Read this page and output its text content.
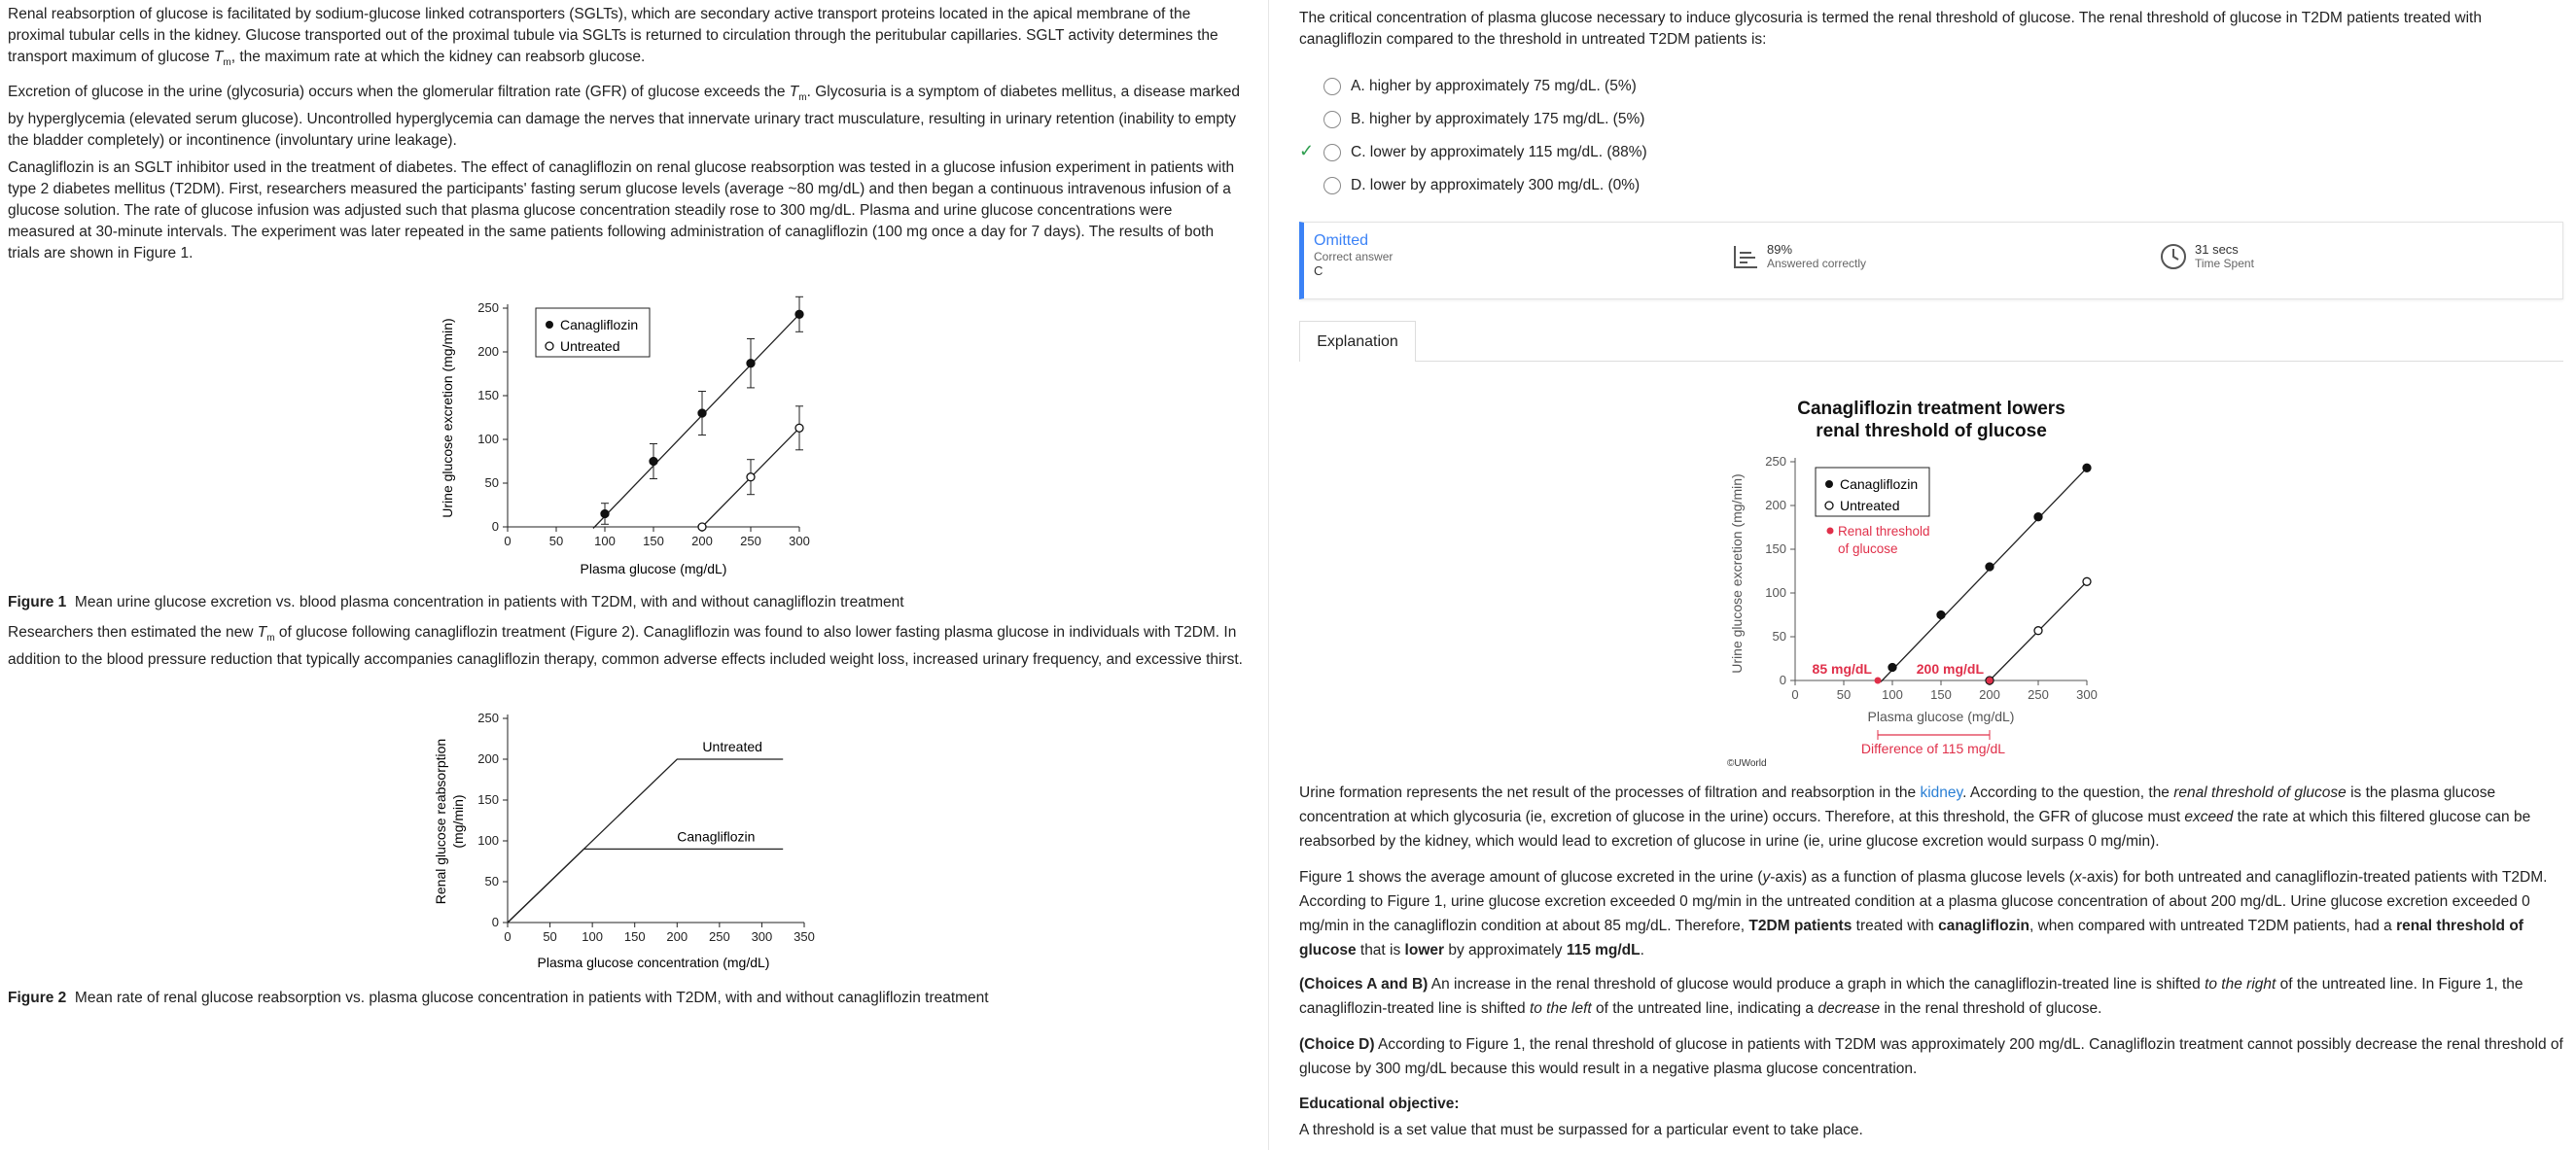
Renal reabsorption of glucose is facilitated by sodium-glucose linked cotransporters (SGLTs), which are secondary active transport proteins located in the apical membrane of the proximal tubular cells in the kidney. Glucose transported out of the proximal tubule via SGLTs is returned to circulation through the peritubular capillaries. SGLT activity determines the transport maximum of glucose $T_m$, the maximum rate at which the kidney can reabsorb glucose.

Excretion of glucose in the urine (glycosuria) occurs when the glomerular filtration rate (GFR) of glucose exceeds the $T_m$. Glycosuria is a symptom of diabetes mellitus, a disease marked by hyperglycemia (elevated serum glucose). Uncontrolled hyperglycemia can damage the nerves that innervate urinary tract musculature, resulting in urinary retention (inability to empty the bladder completely) or incontinence (involuntary urine leakage).

Canagliflozin is an SGLT inhibitor used in the treatment of diabetes. The effect of canagliflozin on renal glucose reabsorption was tested in a glucose infusion experiment in patients with type 2 diabetes mellitus (T2DM). First, researchers measured the participants' fasting serum glucose levels (average ~80 mg/dL) and then began a continuous intravenous infusion of a glucose solution. The rate of glucose infusion was adjusted such that plasma glucose concentration steadily rose to 300 mg/dL. Plasma and urine glucose concentrations were measured at 30-minute intervals. The experiment was later repeated in the same patients following administration of canagliflozin (100 mg once a day for 7 days). The results of both trials are shown in Figure 1.

0	50 100 150 200 250 300
0
50
100
150
200
250
Plasma glucose (mg/dL)
Urine glucose excretion (mg/min)	Canagliflozin
Untreated
Figure 1 Mean urine glucose excretion vs. blood plasma concentration in patients with T2DM, with and without canagliflozin treatment

Researchers then estimated the new $T_m$ of glucose following canagliflozin treatment (Figure 2). Canagliflozin was found to also lower fasting plasma glucose in individuals with T2DM. In addition to the blood pressure reduction that typically accompanies canagliflozin therapy, common adverse effects included weight loss, increased urinary frequency, and excessive thirst.

0	50 100 150 200 250 300 350
0
50
100
150
200
250
Plasma glucose concentration (mg/dL)
Renal glucose reabsorption (mg/min)
Untreated
Canagliflozin
Figure 2 Mean rate of renal glucose reabsorption vs. plasma glucose concentration in patients with T2DM, with and without canagliflozin treatment
The critical concentration of plasma glucose necessary to induce glycosuria is termed the renal threshold of glucose. The renal threshold of glucose in T2DM patients treated with canagliflozin compared to the threshold in untreated T2DM patients is:
A. higher by approximately 75 mg/dL. (5%)
B. higher by approximately 175 mg/dL. (5%)
✓ C. lower by approximately 115 mg/dL. (88%)
D. lower by approximately 300 mg/dL. (0%)
Omitted
Correct answer
C
89%
Answered correctly
31 secs
Time Spent
Explanation
Canagliflozin treatment lowers
renal threshold of glucose
0	50 100 150 200 250 300
0
50
100
150
200
250
Plasma glucose (mg/dL)
Urine glucose excretion (mg/min)	Canagliflozin
Untreated
Renal threshold
of glucose
85 mg/dL	200 mg/dL
Difference of 115 mg/dL
©UWorld

Urine formation represents the net result of the processes of filtration and reabsorption in the kidney. According to the question, the renal threshold of glucose is the plasma glucose concentration at which glycosuria (ie, excretion of glucose in the urine) occurs. Therefore, at this threshold, the GFR of glucose must exceed the rate at which this filtered glucose can be reabsorbed by the kidney, which would lead to excretion of glucose in urine (ie, urine glucose excretion would surpass 0 mg/min).

Figure 1 shows the average amount of glucose excreted in the urine (y-axis) as a function of plasma glucose levels (x-axis) for both untreated and canagliflozin-treated patients with T2DM. According to Figure 1, urine glucose excretion exceeded 0 mg/min in the untreated condition at a plasma glucose concentration of about 200 mg/dL. Urine glucose excretion exceeded 0 mg/min in the canagliflozin condition at about 85 mg/dL. Therefore, T2DM patients treated with canagliflozin, when compared with untreated T2DM patients, had a renal threshold of glucose that is lower by approximately 115 mg/dL.

(Choices A and B) An increase in the renal threshold of glucose would produce a graph in which the canagliflozin-treated line is shifted to the right of the untreated line. In Figure 1, the canagliflozin-treated line is shifted to the left of the untreated line, indicating a decrease in the renal threshold of glucose.

(Choice D) According to Figure 1, the renal threshold of glucose in patients with T2DM was approximately 200 mg/dL. Canagliflozin treatment cannot possibly decrease the renal threshold of glucose by 300 mg/dL because this would result in a negative plasma glucose concentration.

Educational objective:

A threshold is a set value that must be surpassed for a particular event to take place.
